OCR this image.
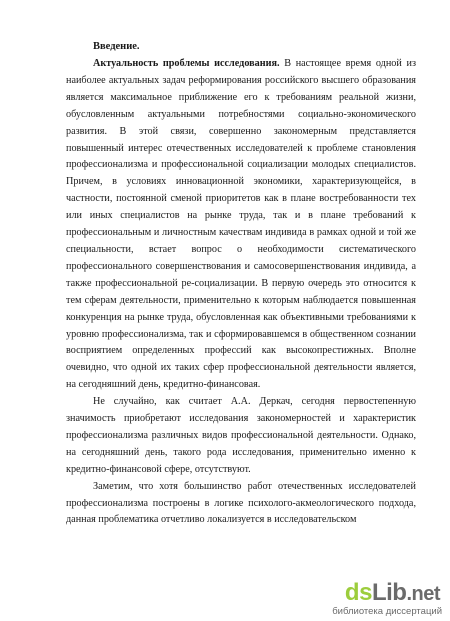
Введение.

Актуальность проблемы исследования. В настоящее время одной из наиболее актуальных задач реформирования российского высшего образования является максимальное приближение его к требованиям реальной жизни, обусловленным актуальными потребностями социально-экономического развития. В этой связи, совершенно закономерным представляется повышенный интерес отечественных исследователей к проблеме становления профессионализма и профессиональной социализации молодых специалистов. Причем, в условиях инновационной экономики, характеризующейся, в частности, постоянной сменой приоритетов как в плане востребованности тех или иных специалистов на рынке труда, так и в плане требований к профессиональным и личностным качествам индивида в рамках одной и той же специальности, встает вопрос о необходимости систематического профессионального совершенствования и самосовершенствования индивида, а также профессиональной ре-социализации. В первую очередь это относится к тем сферам деятельности, применительно к которым наблюдается повышенная конкуренция на рынке труда, обусловленная как объективными требованиями к уровню профессионализма, так и сформировавшемся в общественном сознании восприятием определенных профессий как высокопрестижных. Вполне очевидно, что одной их таких сфер профессиональной деятельности является, на сегодняшний день, кредитно-финансовая.

Не случайно, как считает А.А. Деркач, сегодня первостепенную значимость приобретают исследования закономерностей и характеристик профессионализма различных видов профессиональной деятельности. Однако, на сегодняшний день, такого рода исследования, применительно именно к кредитно-финансовой сфере, отсутствуют.

Заметим, что хотя большинство работ отечественных исследователей профессионализма построены в логике психолого-акмеологического подхода, данная проблематика отчетливо локализуется в исследовательском

dsLib.net
библиотека диссертаций
